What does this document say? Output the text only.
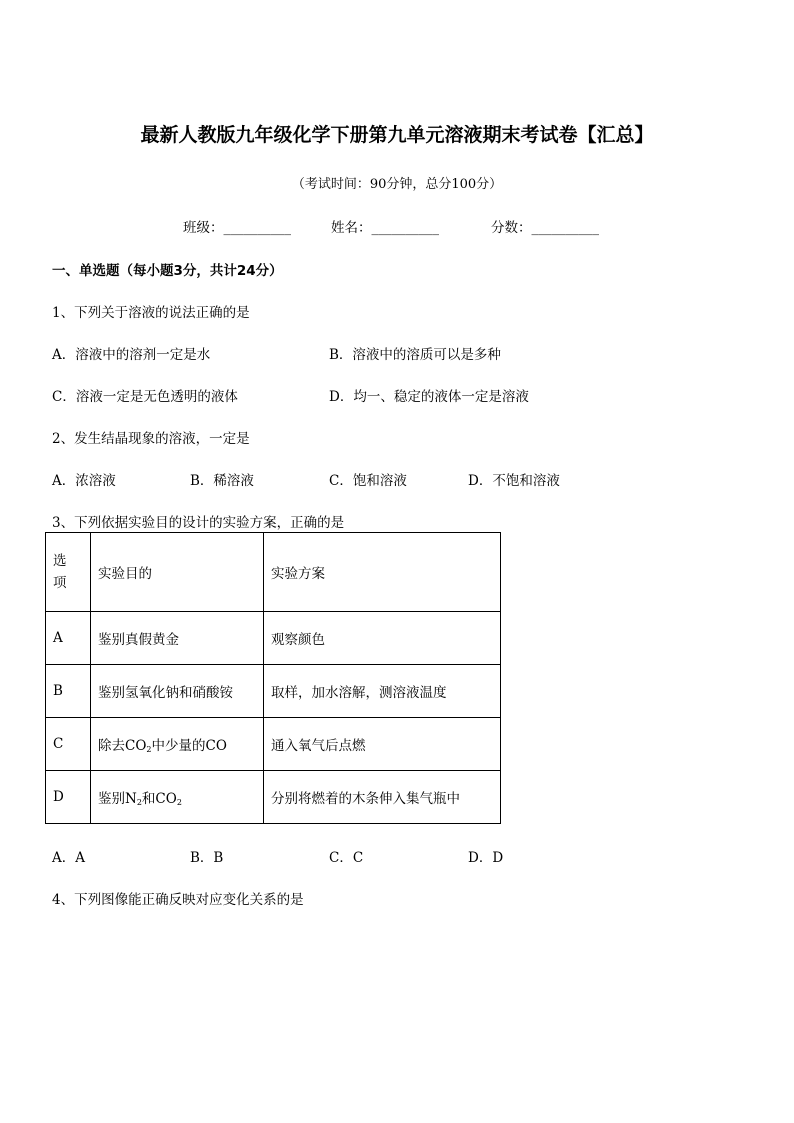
最新人教版九年级化学下册第九单元溶液期末考试卷【汇总】
（考试时间：90分钟，总分100分）
班级：__________	姓名：__________	分数：__________
一、单选题（每小题3分，共计24分）
1、下列关于溶液的说法正确的是
A．溶液中的溶剂一定是水	B．溶液中的溶质可以是多种
C．溶液一定是无色透明的液体	D．均一、稳定的液体一定是溶液
2、发生结晶现象的溶液，一定是
A．浓溶液	B．稀溶液	C．饱和溶液	D．不饱和溶液
3、下列依据实验目的设计的实验方案，正确的是
选项	实验目的	实验方案
A	鉴别真假黄金	观察颜色
B	鉴别氢氧化钠和硝酸铵	取样，加水溶解，测溶液温度
C	除去$CO_2$中少量的CO	通入氧气后点燃
D	鉴别$N_2$和$CO_2$	分别将燃着的木条伸入集气瓶中
A．A	B．B	C．C	D．D
4、下列图像能正确反映对应变化关系的是
